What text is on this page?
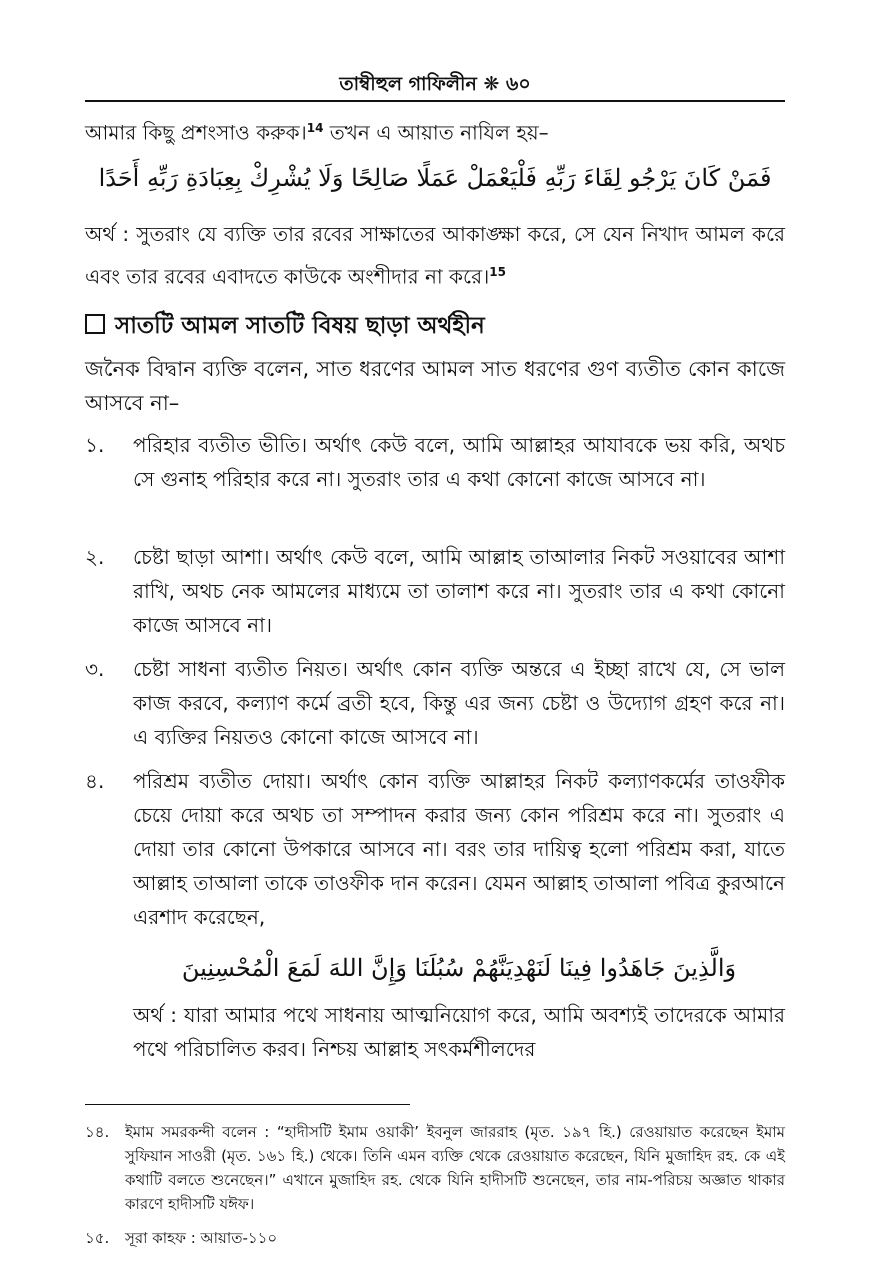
তাম্বীহুল গাফিলীন ❋ ৬০
আমার কিছু প্রশংসাও করুক।$^{14}$ তখন এ আয়াত নাযিল হয়–
فَمَنْ كَانَ يَرْجُو لِقَاءَ رَبِّهِ فَلْيَعْمَلْ عَمَلًا صَالِحًا وَلَا يُشْرِكْ بِعِبَادَةِ رَبِّهِ أَحَدًا
অর্থ : সুতরাং যে ব্যক্তি তার রবের সাক্ষাতের আকাঙ্ক্ষা করে, সে যেন নিখাদ আমল করে এবং তার রবের এবাদতে কাউকে অংশীদার না করে।$^{15}$
সাতটি আমল সাতটি বিষয় ছাড়া অর্থহীন
জনৈক বিদ্বান ব্যক্তি বলেন, সাত ধরণের আমল সাত ধরণের গুণ ব্যতীত কোন কাজে আসবে না–
১. পরিহার ব্যতীত ভীতি। অর্থাৎ কেউ বলে, আমি আল্লাহর আযাবকে ভয় করি, অথচ সে গুনাহ পরিহার করে না। সুতরাং তার এ কথা কোনো কাজে আসবে না।
২. চেষ্টা ছাড়া আশা। অর্থাৎ কেউ বলে, আমি আল্লাহ তাআলার নিকট সওয়াবের আশা রাখি, অথচ নেক আমলের মাধ্যমে তা তালাশ করে না। সুতরাং তার এ কথা কোনো কাজে আসবে না।
৩. চেষ্টা সাধনা ব্যতীত নিয়ত। অর্থাৎ কোন ব্যক্তি অন্তরে এ ইচ্ছা রাখে যে, সে ভাল কাজ করবে, কল্যাণ কর্মে ব্রতী হবে, কিন্তু এর জন্য চেষ্টা ও উদ্যোগ গ্রহণ করে না। এ ব্যক্তির নিয়তও কোনো কাজে আসবে না।
৪. পরিশ্রম ব্যতীত দোয়া। অর্থাৎ কোন ব্যক্তি আল্লাহর নিকট কল্যাণকর্মের তাওফীক চেয়ে দোয়া করে অথচ তা সম্পাদন করার জন্য কোন পরিশ্রম করে না। সুতরাং এ দোয়া তার কোনো উপকারে আসবে না। বরং তার দায়িত্ব হলো পরিশ্রম করা, যাতে আল্লাহ তাআলা তাকে তাওফীক দান করেন। যেমন আল্লাহ তাআলা পবিত্র কুরআনে এরশাদ করেছেন,
وَالَّذِينَ جَاهَدُوا فِينَا لَنَهْدِيَنَّهُمْ سُبُلَنَا وَإِنَّ اللهَ لَمَعَ الْمُحْسِنِينَ
অর্থ : যারা আমার পথে সাধনায় আত্মনিয়োগ করে, আমি অবশ্যই তাদেরকে আমার পথে পরিচালিত করব। নিশ্চয় আল্লাহ সৎকর্মশীলদের
১৪. ইমাম সমরকন্দী বলেন : “হাদীসটি ইমাম ওয়াকী’ ইবনুল জাররাহ (মৃত. ১৯৭ হি.) রেওয়ায়াত করেছেন ইমাম সুফিয়ান সাওরী (মৃত. ১৬১ হি.) থেকে। তিনি এমন ব্যক্তি থেকে রেওয়ায়াত করেছেন, যিনি মুজাহিদ রহ. কে এই কথাটি বলতে শুনেছেন।” এখানে মুজাহিদ রহ. থেকে যিনি হাদীসটি শুনেছেন, তার নাম-পরিচয় অজ্ঞাত থাকার কারণে হাদীসটি যঈফ।
১৫. সূরা কাহফ : আয়াত-১১০
